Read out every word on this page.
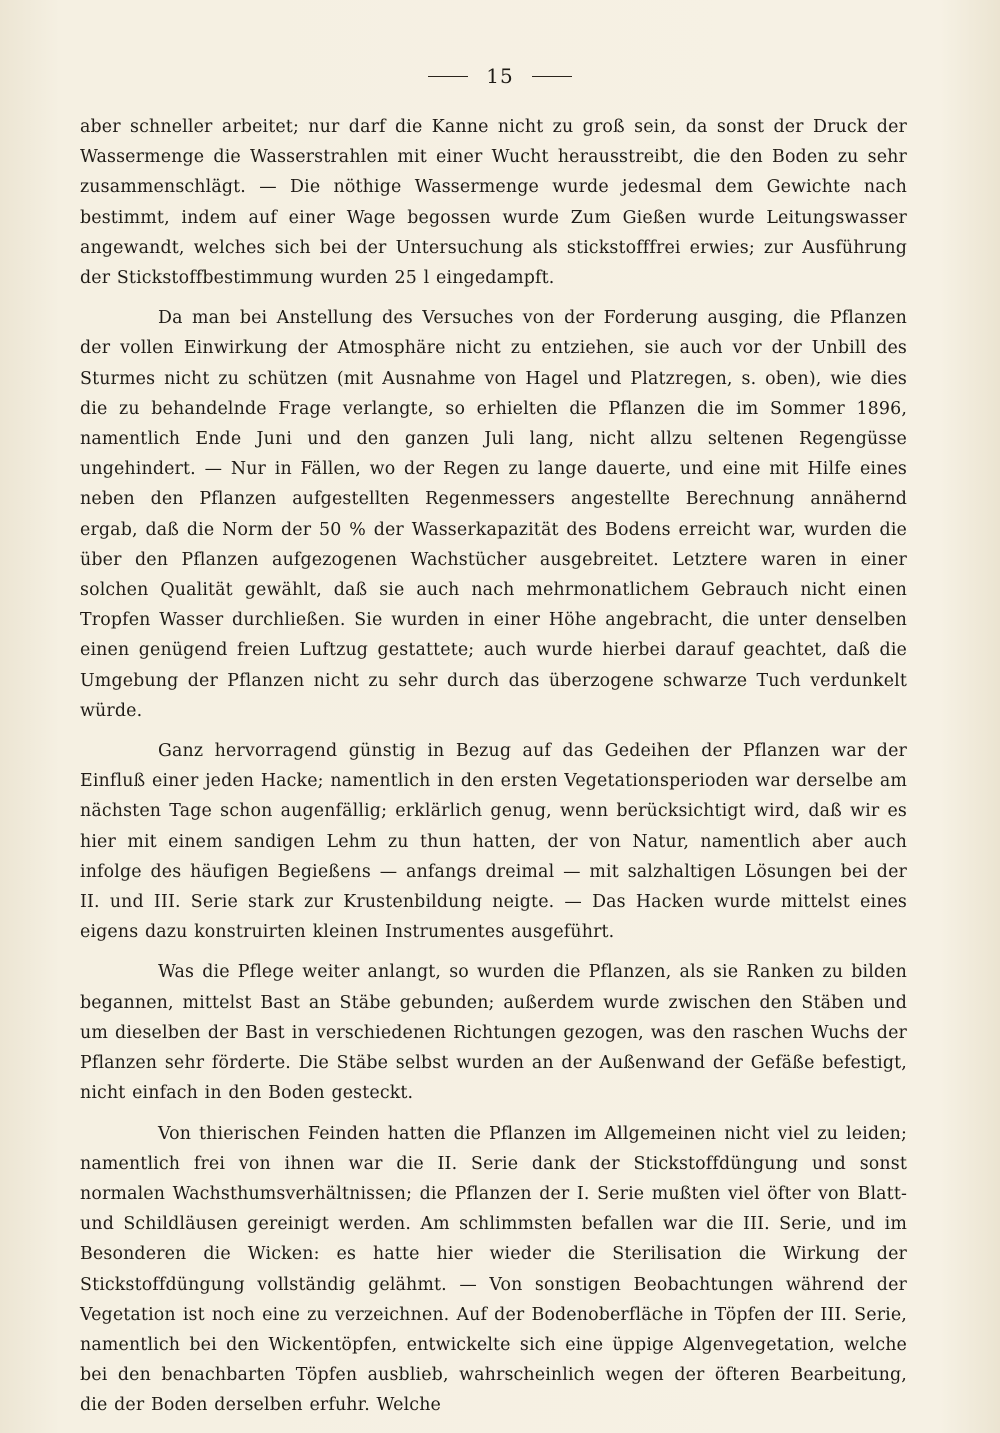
15

aber schneller arbeitet; nur darf die Kanne nicht zu groß sein, da sonst der Druck der Wassermenge die Wasserstrahlen mit einer Wucht herausstreibt, die den Boden zu sehr zusammenschlägt. — Die nöthige Wassermenge wurde jedesmal dem Gewichte nach bestimmt, indem auf einer Wage begossen wurde Zum Gießen wurde Leitungswasser angewandt, welches sich bei der Untersuchung als stickstofffrei erwies; zur Ausführung der Stickstoffbestimmung wurden 25 l eingedampft.

Da man bei Anstellung des Versuches von der Forderung ausging, die Pflanzen der vollen Einwirkung der Atmosphäre nicht zu entziehen, sie auch vor der Unbill des Sturmes nicht zu schützen (mit Ausnahme von Hagel und Platzregen, s. oben), wie dies die zu behandelnde Frage verlangte, so erhielten die Pflanzen die im Sommer 1896, namentlich Ende Juni und den ganzen Juli lang, nicht allzu seltenen Regengüsse ungehindert. — Nur in Fällen, wo der Regen zu lange dauerte, und eine mit Hilfe eines neben den Pflanzen aufgestellten Regenmessers angestellte Berechnung annähernd ergab, daß die Norm der 50 % der Wasserkapazität des Bodens erreicht war, wurden die über den Pflanzen aufgezogenen Wachstücher ausgebreitet. Letztere waren in einer solchen Qualität gewählt, daß sie auch nach mehrmonatlichem Gebrauch nicht einen Tropfen Wasser durchließen. Sie wurden in einer Höhe angebracht, die unter denselben einen genügend freien Luftzug gestattete; auch wurde hierbei darauf geachtet, daß die Umgebung der Pflanzen nicht zu sehr durch das überzogene schwarze Tuch verdunkelt würde.

Ganz hervorragend günstig in Bezug auf das Gedeihen der Pflanzen war der Einfluß einer jeden Hacke; namentlich in den ersten Vegetationsperioden war derselbe am nächsten Tage schon augenfällig; erklärlich genug, wenn berücksichtigt wird, daß wir es hier mit einem sandigen Lehm zu thun hatten, der von Natur, namentlich aber auch infolge des häufigen Begießens — anfangs dreimal — mit salzhaltigen Lösungen bei der II. und III. Serie stark zur Krustenbildung neigte. — Das Hacken wurde mittelst eines eigens dazu konstruirten kleinen Instrumentes ausgeführt.

Was die Pflege weiter anlangt, so wurden die Pflanzen, als sie Ranken zu bilden begannen, mittelst Bast an Stäbe gebunden; außerdem wurde zwischen den Stäben und um dieselben der Bast in verschiedenen Richtungen gezogen, was den raschen Wuchs der Pflanzen sehr förderte. Die Stäbe selbst wurden an der Außenwand der Gefäße befestigt, nicht einfach in den Boden gesteckt.

Von thierischen Feinden hatten die Pflanzen im Allgemeinen nicht viel zu leiden; namentlich frei von ihnen war die II. Serie dank der Stickstoffdüngung und sonst normalen Wachsthumsverhältnissen; die Pflanzen der I. Serie mußten viel öfter von Blatt- und Schildläusen gereinigt werden. Am schlimmsten befallen war die III. Serie, und im Besonderen die Wicken: es hatte hier wieder die Sterilisation die Wirkung der Stickstoffdüngung vollständig gelähmt. — Von sonstigen Beobachtungen während der Vegetation ist noch eine zu verzeichnen. Auf der Bodenoberfläche in Töpfen der III. Serie, namentlich bei den Wickentöpfen, entwickelte sich eine üppige Algenvegetation, welche bei den benachbarten Töpfen ausblieb, wahrscheinlich wegen der öfteren Bearbeitung, die der Boden derselben erfuhr. Welche
